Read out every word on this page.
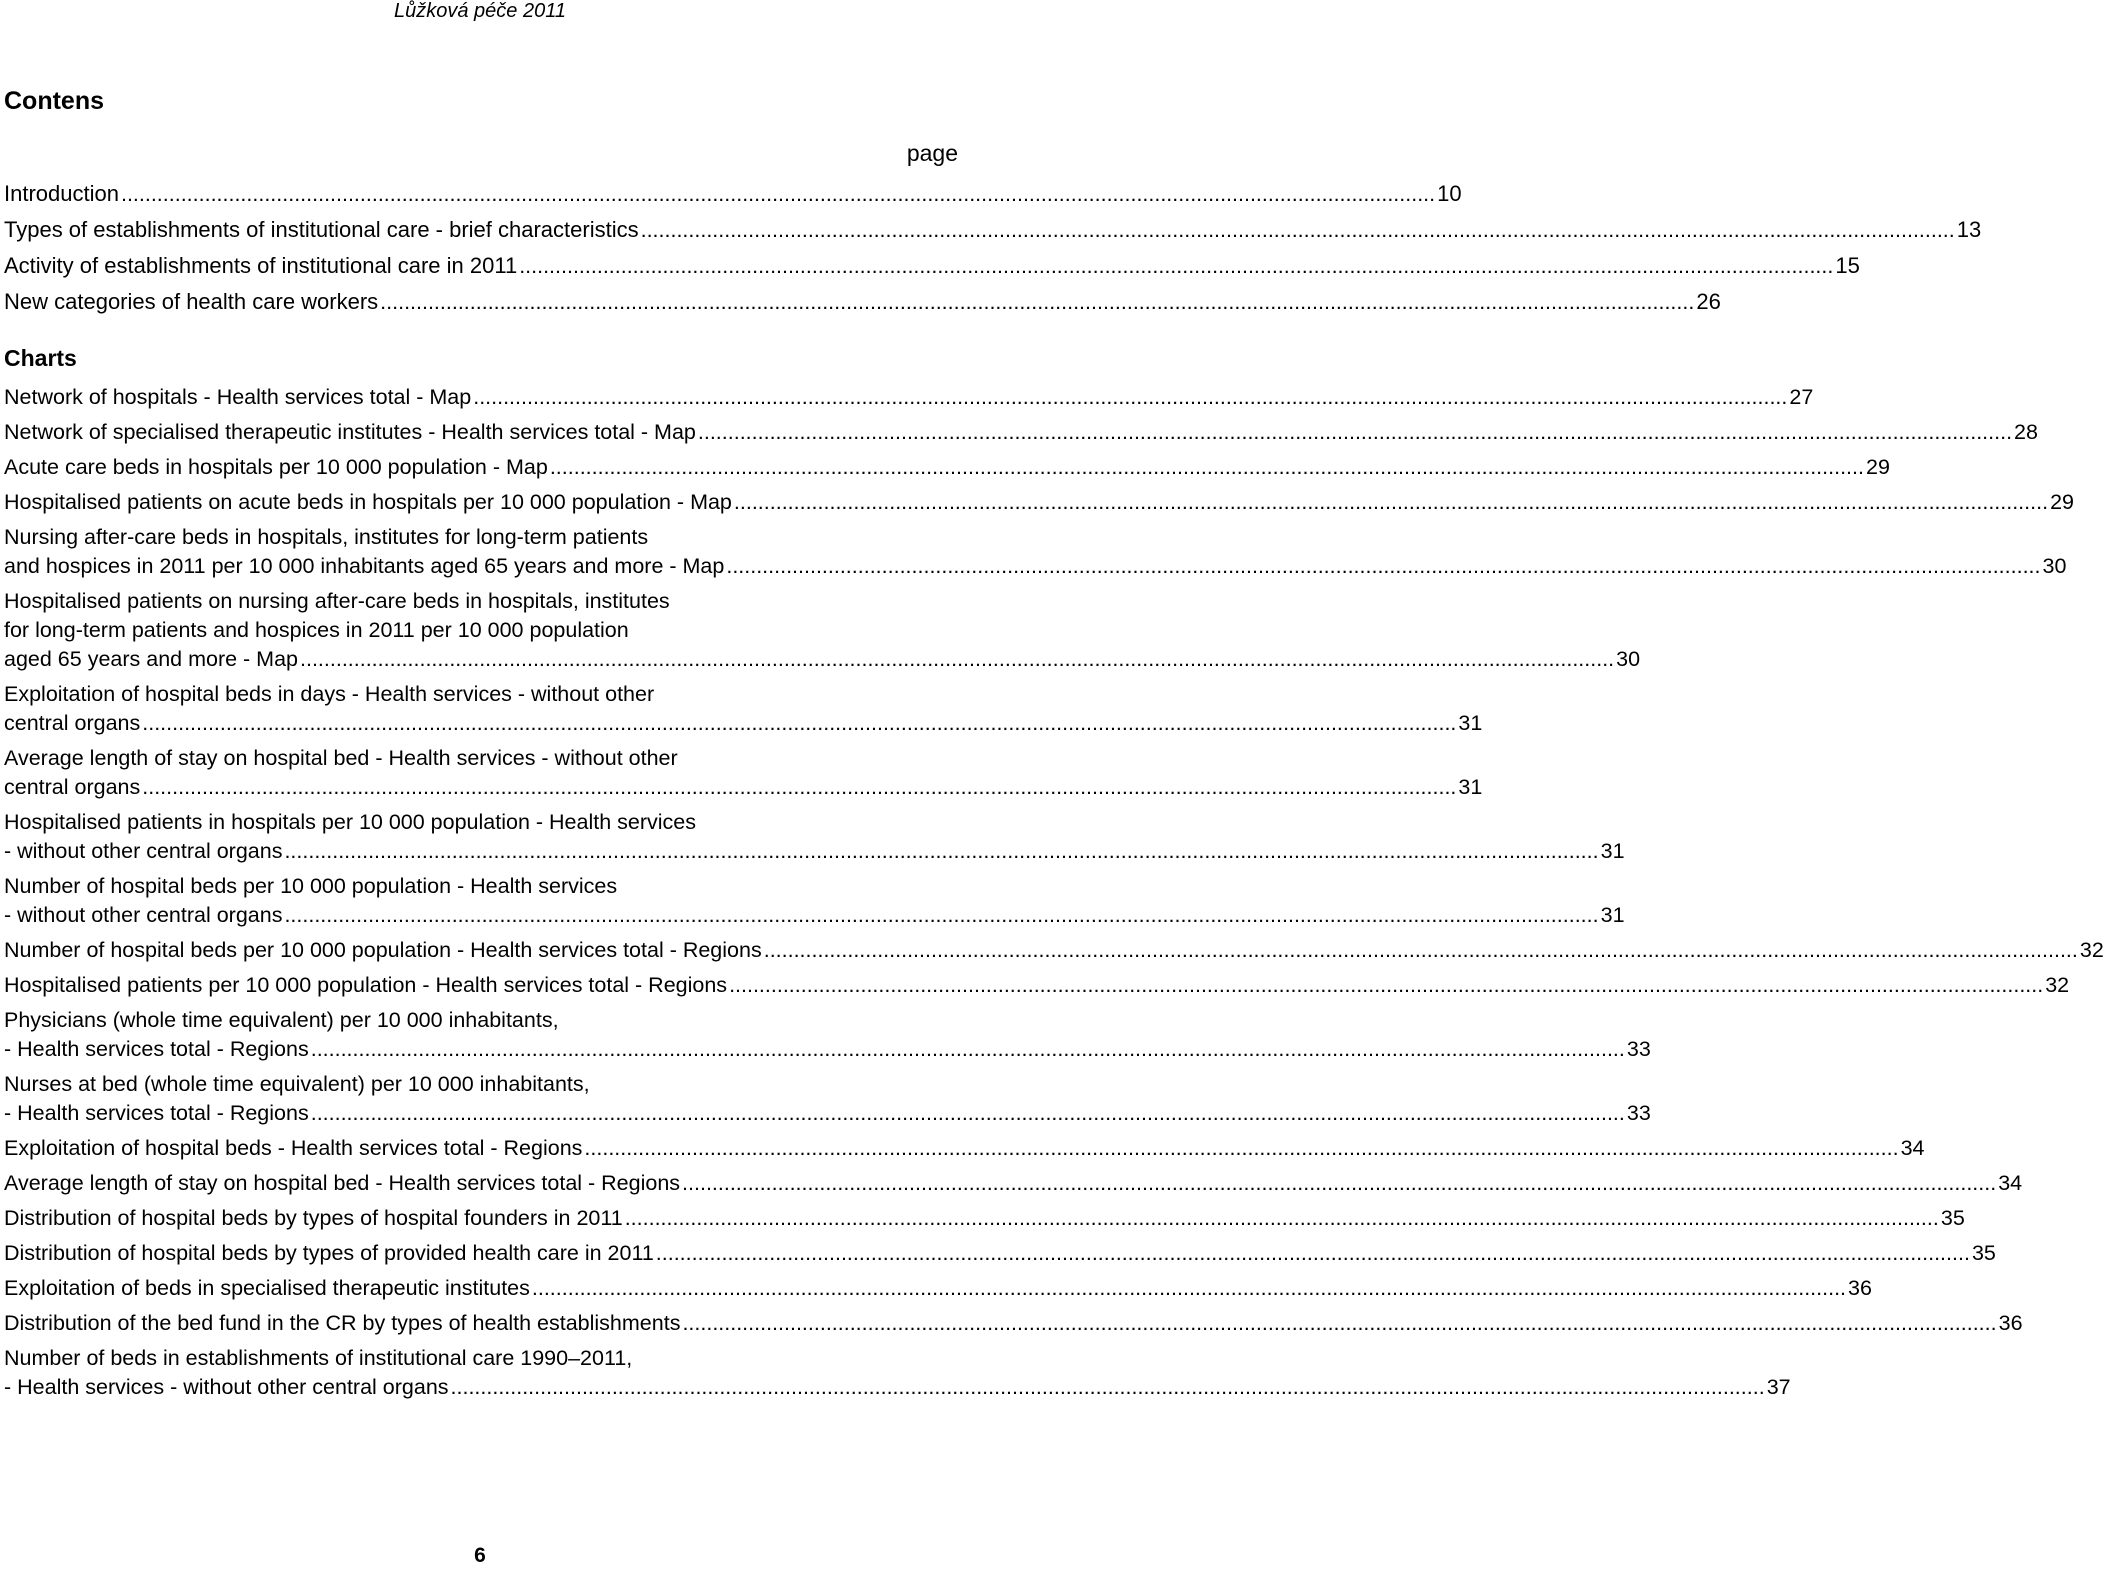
Lůžková péče 2011
Contens
page
Introduction ............................................................................................................................................................................................................................ 10
Types of establishments of institutional care - brief characteristics ............................................................................................................................................................................................................................ 13
Activity of establishments of institutional care in 2011 ............................................................................................................................................................................................................................ 15
New categories of health care workers ............................................................................................................................................................................................................................ 26
Charts
Network of hospitals - Health services total - Map ............................................................................................................................................................................................................................ 27
Network of specialised therapeutic institutes - Health services total - Map ............................................................................................................................................................................................................................ 28
Acute care beds in hospitals per 10 000 population - Map ............................................................................................................................................................................................................................ 29
Hospitalised patients on acute beds in hospitals per 10 000 population - Map ............................................................................................................................................................................................................................ 29
Nursing after-care beds in hospitals, institutes for long-term patients
and hospices in 2011 per 10 000 inhabitants aged 65 years and more - Map ............................................................................................................................................................................................................................ 30
Hospitalised patients on nursing after-care beds in hospitals, institutes
for long-term patients and hospices in 2011 per 10 000 population
aged 65 years and more - Map ............................................................................................................................................................................................................................ 30
Exploitation of hospital beds in days - Health services - without other
central organs ............................................................................................................................................................................................................................ 31
Average length of stay on hospital bed - Health services - without other
central organs ............................................................................................................................................................................................................................ 31
Hospitalised patients in hospitals per 10 000 population - Health services
- without other central organs ............................................................................................................................................................................................................................ 31
Number of hospital beds per 10 000 population - Health services
- without other central organs ............................................................................................................................................................................................................................ 31
Number of hospital beds per 10 000 population - Health services total - Regions ............................................................................................................................................................................................................................ 32
Hospitalised patients per 10 000 population - Health services total - Regions ............................................................................................................................................................................................................................ 32
Physicians (whole time equivalent) per 10 000 inhabitants,
- Health services total - Regions ............................................................................................................................................................................................................................ 33
Nurses at bed (whole time equivalent) per 10 000 inhabitants,
- Health services total - Regions ............................................................................................................................................................................................................................ 33
Exploitation of hospital beds - Health services total - Regions ............................................................................................................................................................................................................................ 34
Average length of stay on hospital bed - Health services total - Regions ............................................................................................................................................................................................................................ 34
Distribution of hospital beds by types of hospital founders in 2011 ............................................................................................................................................................................................................................ 35
Distribution of hospital beds by types of provided health care in 2011 ............................................................................................................................................................................................................................ 35
Exploitation of beds in specialised therapeutic institutes ............................................................................................................................................................................................................................ 36
Distribution of the bed fund in the CR by types of health establishments ............................................................................................................................................................................................................................ 36
Number of beds in establishments of institutional care 1990–2011,
- Health services - without other central organs ............................................................................................................................................................................................................................ 37
6
